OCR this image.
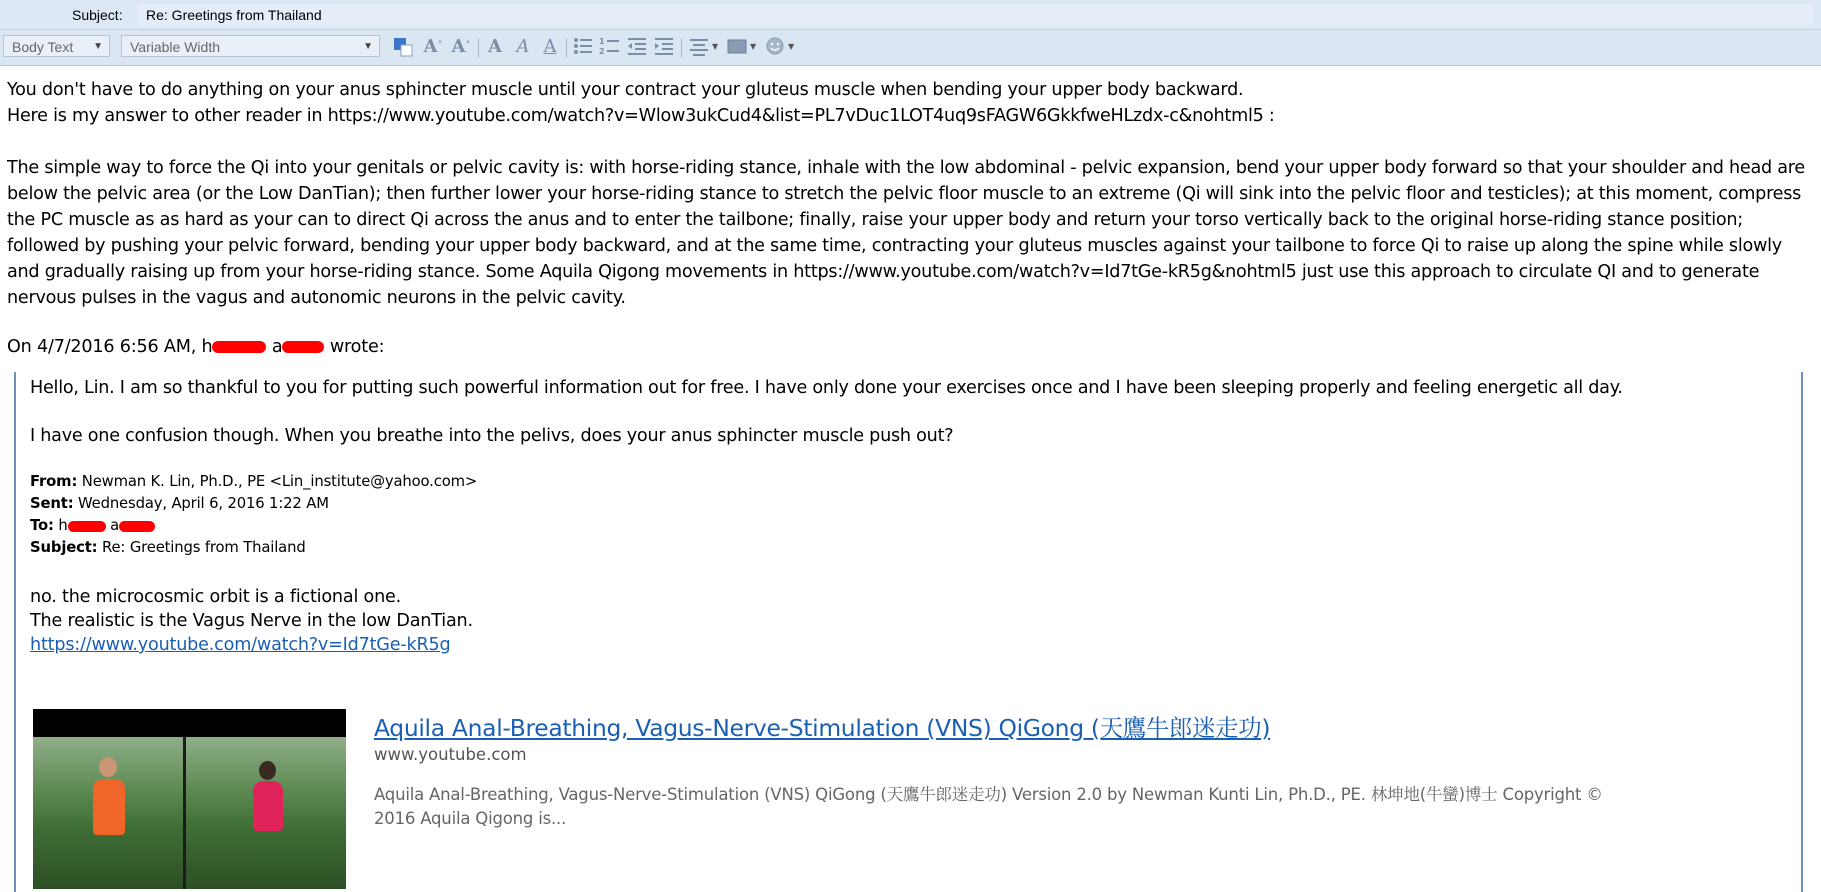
Subject:	Re: Greetings from Thailand
Body Text ▼	Variable Width	▼	A˅ A˄ A A A	1
2
▼	▼	▼

You don't have to do anything on your anus sphincter muscle until your contract your gluteus muscle when bending your upper body backward.

Here is my answer to other reader in https://www.youtube.com/watch?v=Wlow3ukCud4&list=PL7vDuc1LOT4uq9sFAGW6GkkfweHLzdx-c&nohtml5 :

The simple way to force the Qi into your genitals or pelvic cavity is: with horse-riding stance, inhale with the low abdominal - pelvic expansion, bend your upper body forward so that your shoulder and head are below the pelvic area (or the Low DanTian); then further lower your horse-riding stance to stretch the pelvic floor muscle to an extreme (Qi will sink into the pelvic floor and testicles); at this moment, compress the PC muscle as as hard as your can to direct Qi across the anus and to enter the tailbone; finally, raise your upper body and return your torso vertically back to the original horse-riding stance position; followed by pushing your pelvic forward, bending your upper body backward, and at the same time, contracting your gluteus muscles against your tailbone to force Qi to raise up along the spine while slowly and gradually raising up from your horse-riding stance. Some Aquila Qigong movements in https://www.youtube.com/watch?v=Id7tGe-kR5g&nohtml5 just use this approach to circulate QI and to generate nervous pulses in the vagus and autonomic neurons in the pelvic cavity.

On 4/7/2016 6:56 AM, h	a wrote:
Hello, Lin. I am so thankful to you for putting such powerful information out for free. I have only done your exercises once and I have been sleeping properly and feeling energetic all day.
I have one confusion though. When you breathe into the pelivs, does your anus sphincter muscle push out?
From: Newman K. Lin, Ph.D., PE <Lin_institute@yahoo.com>
Sent: Wednesday, April 6, 2016 1:22 AM
To: h	a
Subject: Re: Greetings from Thailand
no. the microcosmic orbit is a fictional one.
The realistic is the Vagus Nerve in the low DanTian.
https://www.youtube.com/watch?v=Id7tGe-kR5g
Aquila Anal-Breathing, Vagus-Nerve-Stimulation (VNS) QiGong (天鷹牛郎迷走功)
www.youtube.com
Aquila Anal-Breathing, Vagus-Nerve-Stimulation (VNS) QiGong (天鷹牛郎迷走功) Version 2.0 by Newman Kunti Lin, Ph.D., PE. 林坤地(牛蠻)博士 Copyright © 2016 Aquila Qigong is...
